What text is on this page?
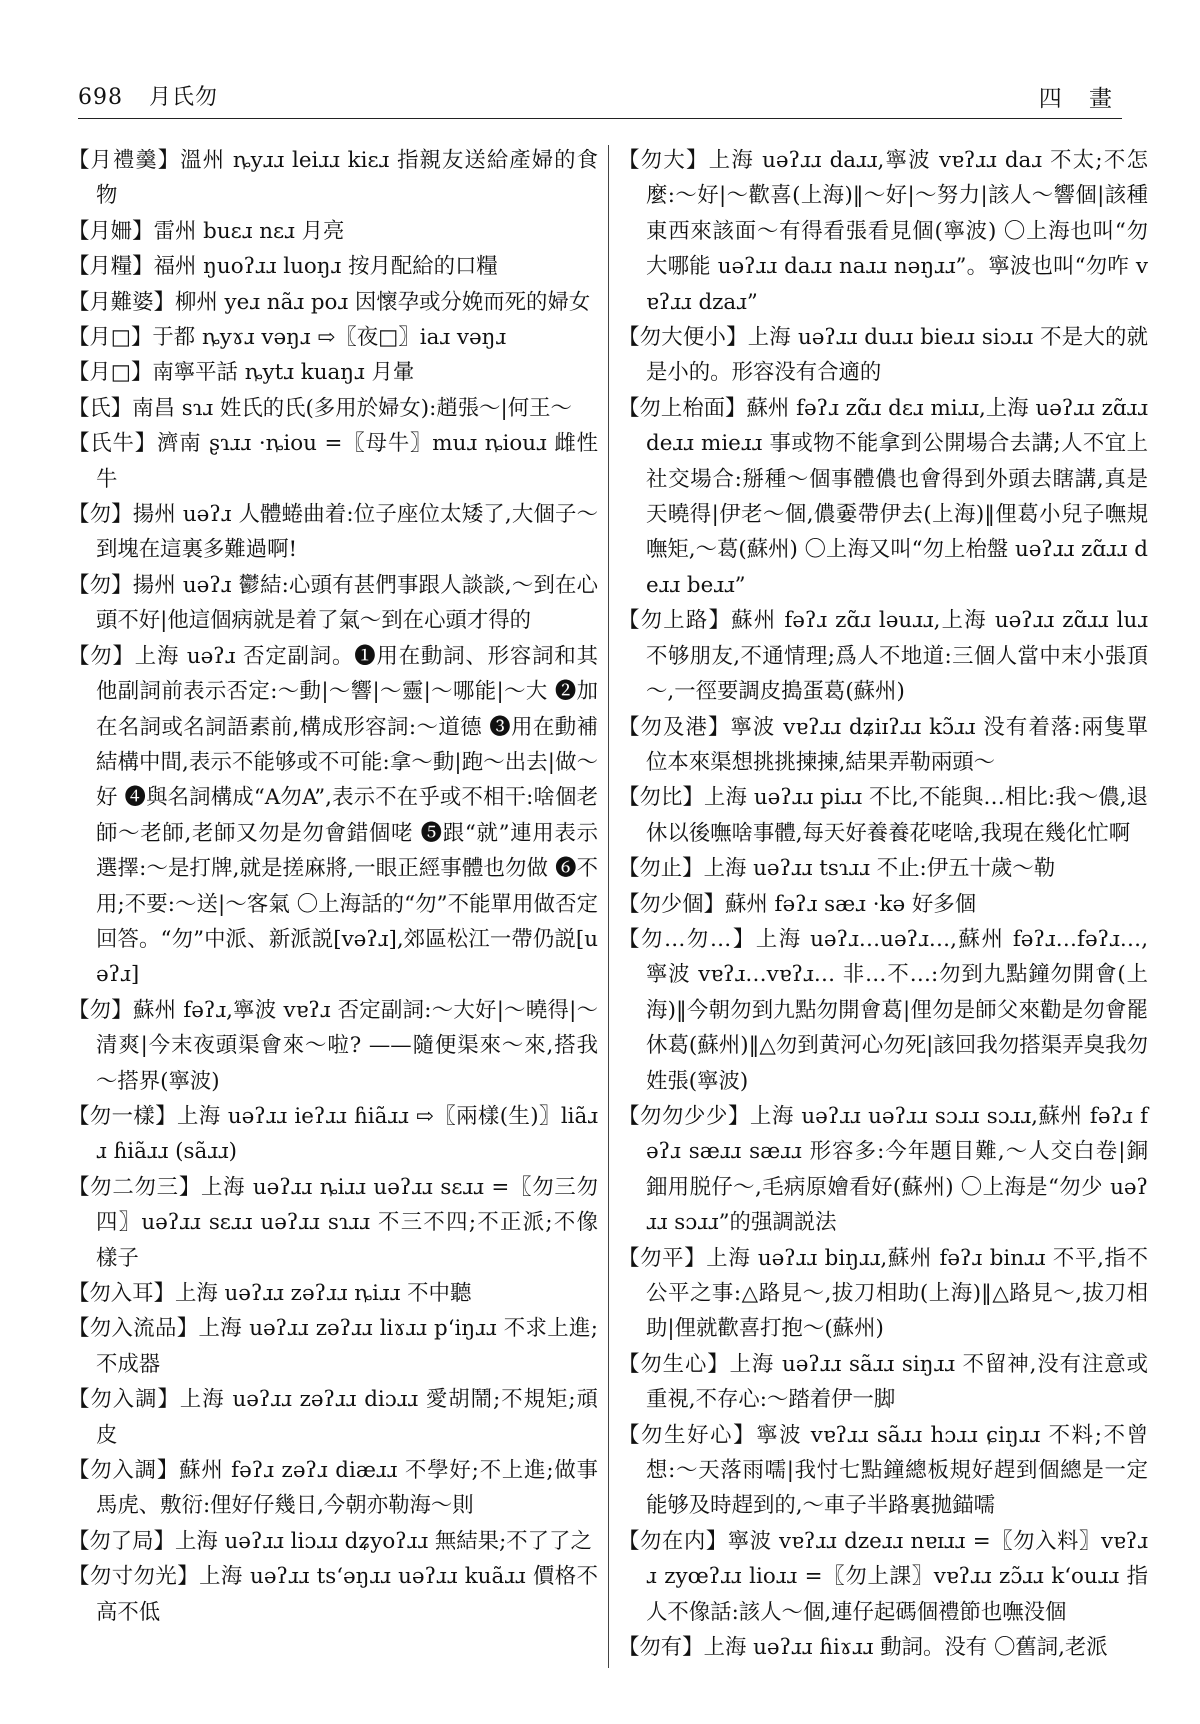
698 月氏勿	四 畫

【月禮羹】溫州 ȵyɹɹ leiɹɹ kiɛɹ 指親友送給產婦的食物

【月姍】雷州 buɛɹ nɛɹ 月亮

【月糧】福州 ŋuoʔɹɹ luoŋɹ 按月配給的口糧

【月難婆】柳州 yeɹ nãɹ poɹ 因懷孕或分娩而死的婦女

【月□】于都 ȵyɤɹ vəŋɹ ⇨〖夜□〗iaɹ vəŋɹ

【月□】南寧平話 ȵytɹ kuaŋɹ 月暈

【氏】南昌 sɿɹ 姓氏的氏(多用於婦女):趙張～|何王～

【氏牛】濟南 ʂɿɹɹ ·ȵiou =〖母牛〗muɹ ȵiouɹ 雌性牛

【勿】揚州 uəʔɹ 人體蜷曲着:位子座位太矮了,大個子～到塊在這裏多難過啊!

【勿】揚州 uəʔɹ 鬱結:心頭有甚們事跟人談談,～到在心頭不好|他這個病就是着了氣～到在心頭才得的

【勿】上海 uəʔɹ 否定副詞。❶用在動詞、形容詞和其他副詞前表示否定:～動|～響|～靈|～哪能|～大 ❷加在名詞或名詞語素前,構成形容詞:～道德 ❸用在動補結構中間,表示不能够或不可能:拿～動|跑～出去|做～好 ❹與名詞構成“A勿A”,表示不在乎或不相干:啥個老師～老師,老師又勿是勿會錯個咾 ❺跟“就”連用表示選擇:～是打牌,就是搓麻將,一眼正經事體也勿做 ❻不用;不要:～送|～客氣 〇上海話的“勿”不能單用做否定回答。“勿”中派、新派説[vəʔɹ],郊區松江一帶仍説[uəʔɹ]

【勿】蘇州 fəʔɹ,寧波 vɐʔɹ 否定副詞:～大好|～曉得|～清爽|今末夜頭渠會來～啦? ——隨便渠來～來,搭我～搭界(寧波)

【勿一樣】上海 uəʔɹɹ ieʔɹɹ ɦiãɹɹ ⇨〖兩樣(生)〗liãɹɹ ɦiãɹɹ (sãɹɹ)

【勿二勿三】上海 uəʔɹɹ ȵiɹɹ uəʔɹɹ sɛɹɹ =〖勿三勿四〗uəʔɹɹ sɛɹɹ uəʔɹɹ sɿɹɹ 不三不四;不正派;不像樣子

【勿入耳】上海 uəʔɹɹ zəʔɹɹ ȵiɹɹ 不中聽

【勿入流品】上海 uəʔɹɹ zəʔɹɹ liɤɹɹ pʻiŋɹɹ 不求上進;不成器

【勿入調】上海 uəʔɹɹ zəʔɹɹ diɔɹɹ 愛胡鬧;不規矩;頑皮

【勿入調】蘇州 fəʔɹ zəʔɹ diæɹɹ 不學好;不上進;做事馬虎、敷衍:俚好仔幾日,今朝亦勒海～則

【勿了局】上海 uəʔɹɹ liɔɹɹ dʑyoʔɹɹ 無結果;不了了之

【勿寸勿光】上海 uəʔɹɹ tsʻəŋɹɹ uəʔɹɹ kuãɹɹ 價格不高不低

【勿大】上海 uəʔɹɹ daɹɹ,寧波 vɐʔɹɹ daɹ 不太;不怎麼:～好|～歡喜(上海)‖～好|～努力|該人～響個|該種東西來該面～有得看張看見個(寧波) 〇上海也叫“勿大哪能 uəʔɹɹ daɹɹ naɹɹ nəŋɹɹ”。寧波也叫“勿咋 vɐʔɹɹ dzaɹ”

【勿大便小】上海 uəʔɹɹ duɹɹ bieɹɹ siɔɹɹ 不是大的就是小的。形容没有合適的

【勿上枱面】蘇州 fəʔɹ zɑ̃ɹ dɛɹ miɹɹ,上海 uəʔɹɹ zɑ̃ɹɹ deɹɹ mieɹɹ 事或物不能拿到公開場合去講;人不宜上社交場合:掰種～個事體儂也會得到外頭去瞎講,真是天曉得|伊老～個,儂嫑帶伊去(上海)‖俚葛小兒子嘸規嘸矩,～葛(蘇州) 〇上海又叫“勿上枱盤 uəʔɹɹ zɑ̃ɹɹ deɹɹ beɹɹ”

【勿上路】蘇州 fəʔɹ zɑ̃ɹ ləuɹɹ,上海 uəʔɹɹ zɑ̃ɹɹ luɹ 不够朋友,不通情理;爲人不地道:三個人當中末小張頂～,一徑要調皮搗蛋葛(蘇州)

【勿及港】寧波 vɐʔɹɹ dʑiɪʔɹɹ kɔ̃ɹɹ 没有着落:兩隻單位本來渠想挑挑揀揀,結果弄勒兩頭～

【勿比】上海 uəʔɹɹ piɹɹ 不比,不能與…相比:我～儂,退休以後嘸啥事體,每天好養養花咾啥,我現在幾化忙啊

【勿止】上海 uəʔɹɹ tsɿɹɹ 不止:伊五十歲～勒

【勿少個】蘇州 fəʔɹ sæɹ ·kə 好多個

【勿…勿…】上海 uəʔɹ…uəʔɹ…,蘇州 fəʔɹ…fəʔɹ…,寧波 vɐʔɹ…vɐʔɹ… 非…不…:勿到九點鐘勿開會(上海)‖今朝勿到九點勿開會葛|俚勿是師父來勸是勿會罷休葛(蘇州)‖△勿到黄河心勿死|該回我勿搭渠弄臭我勿姓張(寧波)

【勿勿少少】上海 uəʔɹɹ uəʔɹɹ sɔɹɹ sɔɹɹ,蘇州 fəʔɹ fəʔɹ sæɹɹ sæɹɹ 形容多:今年題目難,～人交白卷|銅鈿用脱仔～,毛病原嬒看好(蘇州) 〇上海是“勿少 uəʔɹɹ sɔɹɹ”的强調説法

【勿平】上海 uəʔɹɹ biŋɹɹ,蘇州 fəʔɹ binɹɹ 不平,指不公平之事:△路見～,拔刀相助(上海)‖△路見～,拔刀相助|俚就歡喜打抱～(蘇州)

【勿生心】上海 uəʔɹɹ sãɹɹ siŋɹɹ 不留神,没有注意或重視,不存心:～踏着伊一脚

【勿生好心】寧波 vɐʔɹɹ sãɹɹ hɔɹɹ ɕiŋɹɹ 不料;不曾想:～天落雨嚅|我忖七點鐘總板規好趕到個總是一定能够及時趕到的,～車子半路裏拋錨嚅

【勿在内】寧波 vɐʔɹɹ dzeɹɹ nɐɪɹɹ =〖勿入料〗vɐʔɹɹ zyœʔɹɹ lioɹɹ =〖勿上課〗vɐʔɹɹ zɔ̃ɹɹ kʻouɹɹ 指人不像話:該人～個,連仔起碼個禮節也嘸没個

【勿有】上海 uəʔɹɹ ɦiɤɹɹ 動詞。没有 〇舊詞,老派
